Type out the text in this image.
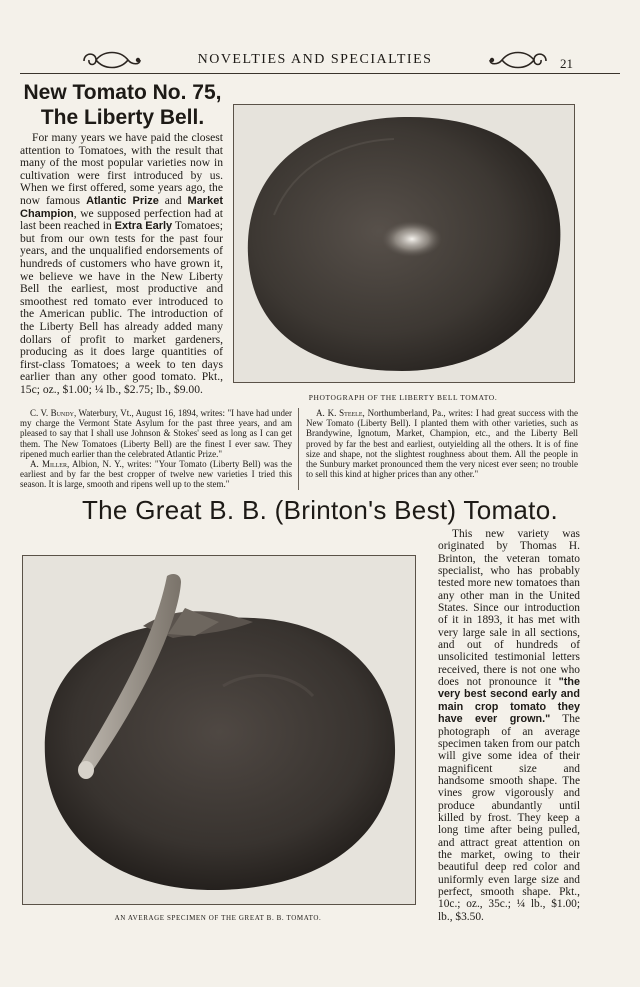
NOVELTIES AND SPECIALTIES	21
New Tomato No. 75,
The Liberty Bell.
For many years we have paid the closest attention to Tomatoes, with the result that many of the most popular varieties now in cultivation were first introduced by us. When we first offered, some years ago, the now famous Atlantic Prize and Market Champion, we supposed perfection had at last been reached in Extra Early Tomatoes; but from our own tests for the past four years, and the unqualified endorsements of hundreds of customers who have grown it, we believe we have in the New Liberty Bell the earliest, most productive and smoothest red tomato ever introduced to the American public. The introduction of the Liberty Bell has already added many dollars of profit to market gardeners, producing as it does large quantities of first-class Tomatoes; a week to ten days earlier than any other good tomato. Pkt., 15c; oz., $1.00; ¼ lb., $2.75; lb., $9.00.
PHOTOGRAPH OF THE LIBERTY BELL TOMATO.

C. V. Bundy, Waterbury, Vt., August 16, 1894, writes: "I have had under my charge the Vermont State Asylum for the past three years, and am pleased to say that I shall use Johnson & Stokes' seed as long as I can get them. The New Tomatoes (Liberty Bell) are the finest I ever saw. They ripened much earlier than the celebrated Atlantic Prize."

A. Miller, Albion, N. Y., writes: "Your Tomato (Liberty Bell) was the earliest and by far the best cropper of twelve new varieties I tried this season. It is large, smooth and ripens well up to the stem."

A. K. Steele, Northumberland, Pa., writes: I had great success with the New Tomato (Liberty Bell). I planted them with other varieties, such as Brandywine, Ignotum, Market, Champion, etc., and the Liberty Bell proved by far the best and earliest, outyielding all the others. It is of fine size and shape, not the slightest roughness about them. All the people in the Sunbury market pronounced them the very nicest ever seen; no trouble to sell this kind at higher prices than any other."

The Great B. B. (Brinton's Best) Tomato.
AN AVERAGE SPECIMEN OF THE GREAT B. B. TOMATO.
This new variety was originated by Thomas H. Brinton, the veteran tomato specialist, who has probably tested more new tomatoes than any other man in the United States. Since our introduction of it in 1893, it has met with very large sale in all sections, and out of hundreds of unsolicited testimonial letters received, there is not one who does not pronounce it "the very best second early and main crop tomato they have ever grown." The photograph of an average specimen taken from our patch will give some idea of their magnificent size and handsome smooth shape. The vines grow vigorously and produce abundantly until killed by frost. They keep a long time after being pulled, and attract great attention on the market, owing to their beautiful deep red color and uniformly even large size and perfect, smooth shape. Pkt., 10c.; oz., 35c.; ¼ lb., $1.00; lb., $3.50.
